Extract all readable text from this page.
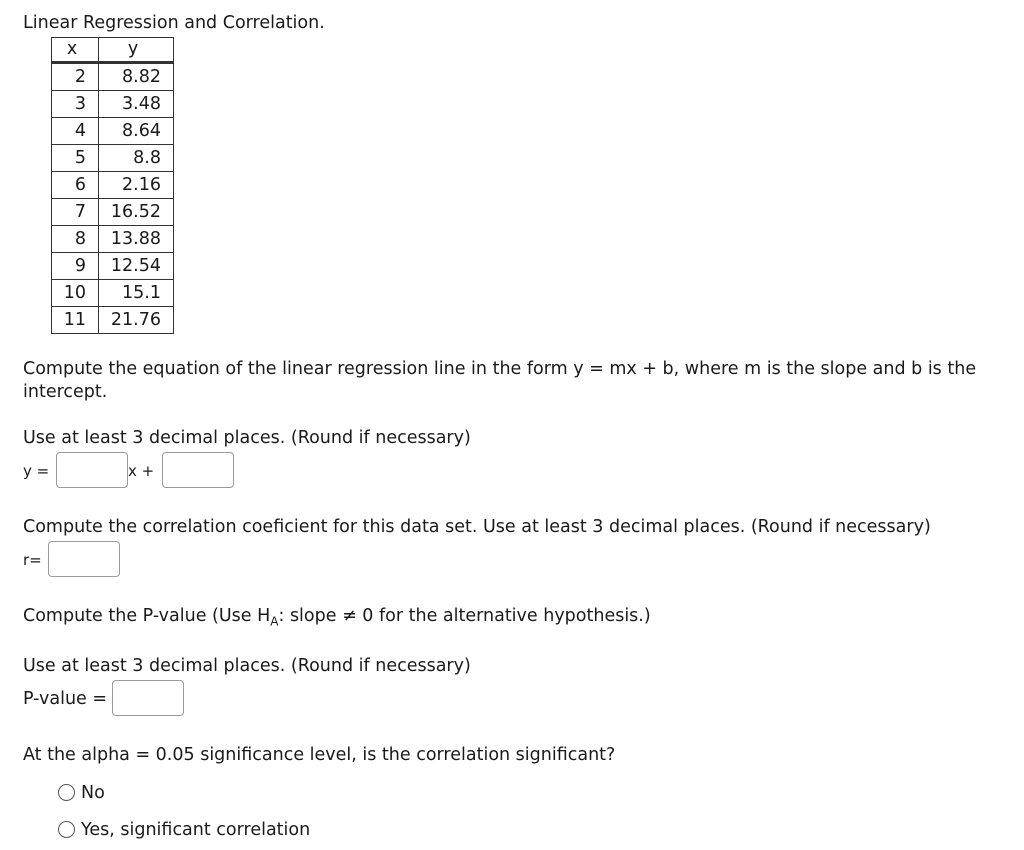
Linear Regression and Correlation.
x	y
2	8.82
3	3.48
4	8.64
5	8.8
6	2.16
7	16.52
8	13.88
9	12.54
10	15.1
11	21.76
Compute the equation of the linear regression line in the form y = mx + b, where m is the slope and b is the intercept.
Use at least 3 decimal places. (Round if necessary)
y =	x +
Compute the correlation coeficient for this data set. Use at least 3 decimal places. (Round if necessary)
r=
Compute the P-value (Use $H_A$: slope ≠ 0 for the alternative hypothesis.)
Use at least 3 decimal places. (Round if necessary)
P-value =
At the alpha = 0.05 significance level, is the correlation significant?
No
Yes, significant correlation
